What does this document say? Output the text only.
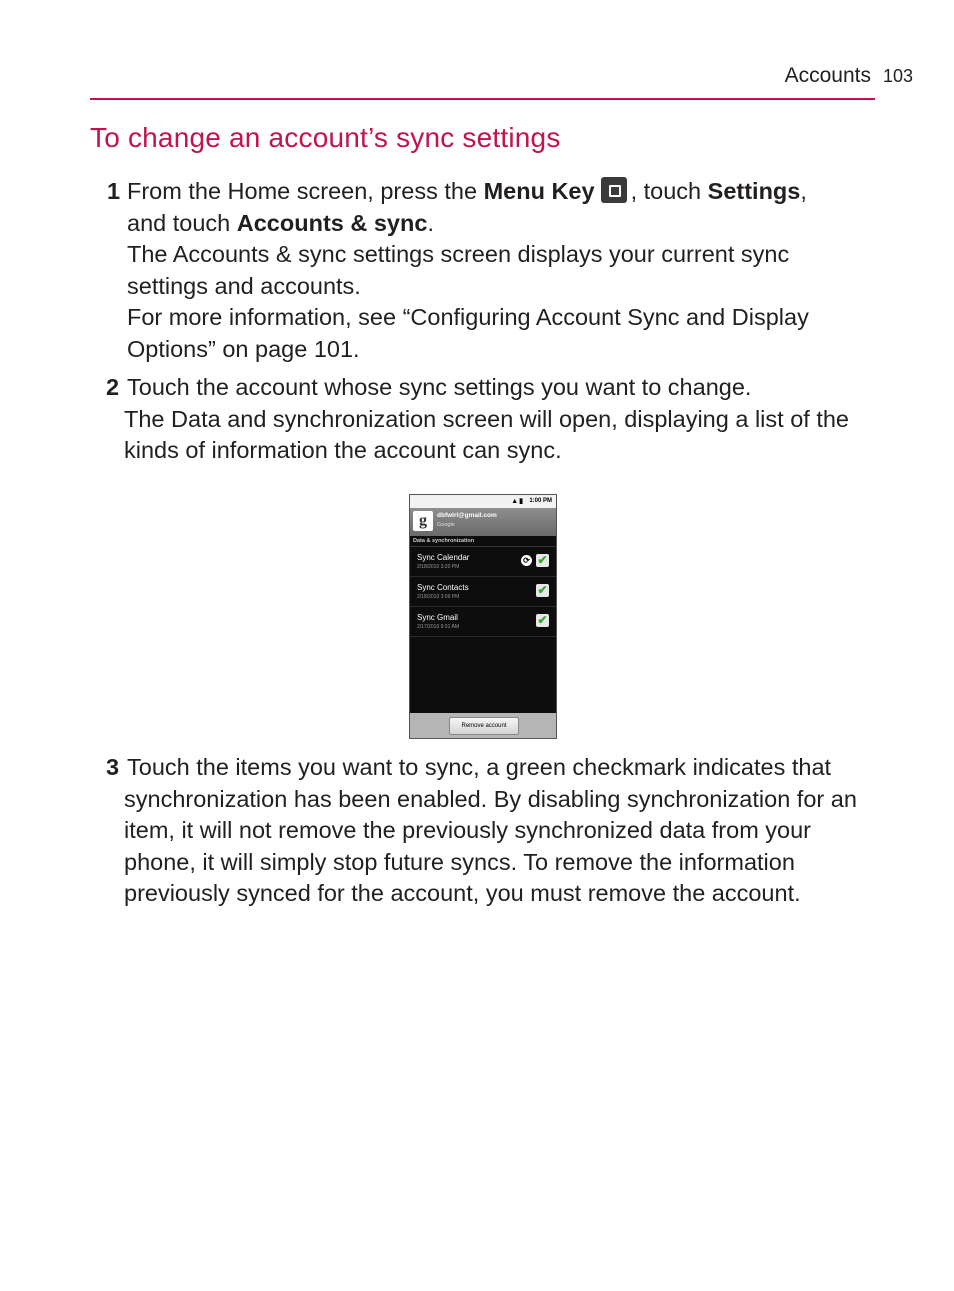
Accounts 103
To change an account’s sync settings
1 From the Home screen, press the Menu Key , touch Settings,
and touch Accounts & sync.

The Accounts & sync settings screen displays your current sync settings and accounts.

For more information, see “Configuring Account Sync and Display Options” on page 101.

2 Touch the account whose sync settings you want to change.

The Data and synchronization screen will open, displaying a list of the kinds of information the account can sync.

▲▮ 1:00 PM
g	dbfwlrl@gmail.com
Google
Data & synchronization
Sync Calendar
2/18/2010 3:20 PM
⟳ ✔
Sync Contacts
2/18/2010 3:09 PM	✔
Sync Gmail
2/17/2010 9:31 AM	✔
Remove account
3 Touch the items you want to sync, a green checkmark indicates that synchronization has been enabled. By disabling synchronization for an item, it will not remove the previously synchronized data from your phone, it will simply stop future syncs. To remove the information previously synced for the account, you must remove the account.
